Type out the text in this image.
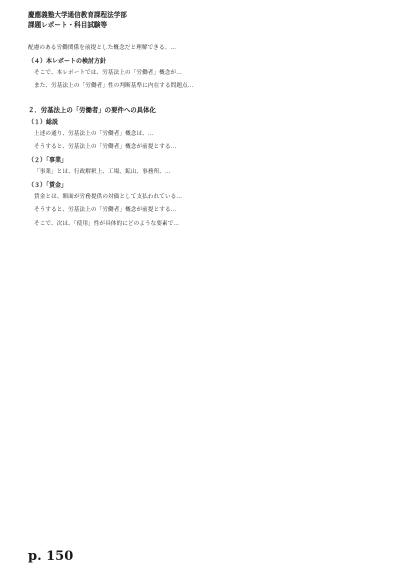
慶應義塾大学通信教育課程法学部
課題レポート・科目試験等

配慮のある労働関係を前提とした概念だと理解できる。…

（４）本レポートの検討方針

そこで、本レポートでは、労基法上の「労働者」概念が…

また、労基法上の「労働者」性の判断基準に内在する問題点…

２．労基法上の「労働者」の要件への具体化
（１）総説

上述の通り、労基法上の「労働者」概念は、…

そうすると、労基法上の「労働者」概念が前提とする…

（２）「事業」

「事業」とは、行政解釈上、工場、鉱山、事務所、…

（３）「賃金」

賃金とは、額面が労務提供の対価として支払われている…

そうすると、労基法上の「労働者」概念が前提とする…

そこで、次は、「使用」性が具体的にどのような要素で…

p. 150
